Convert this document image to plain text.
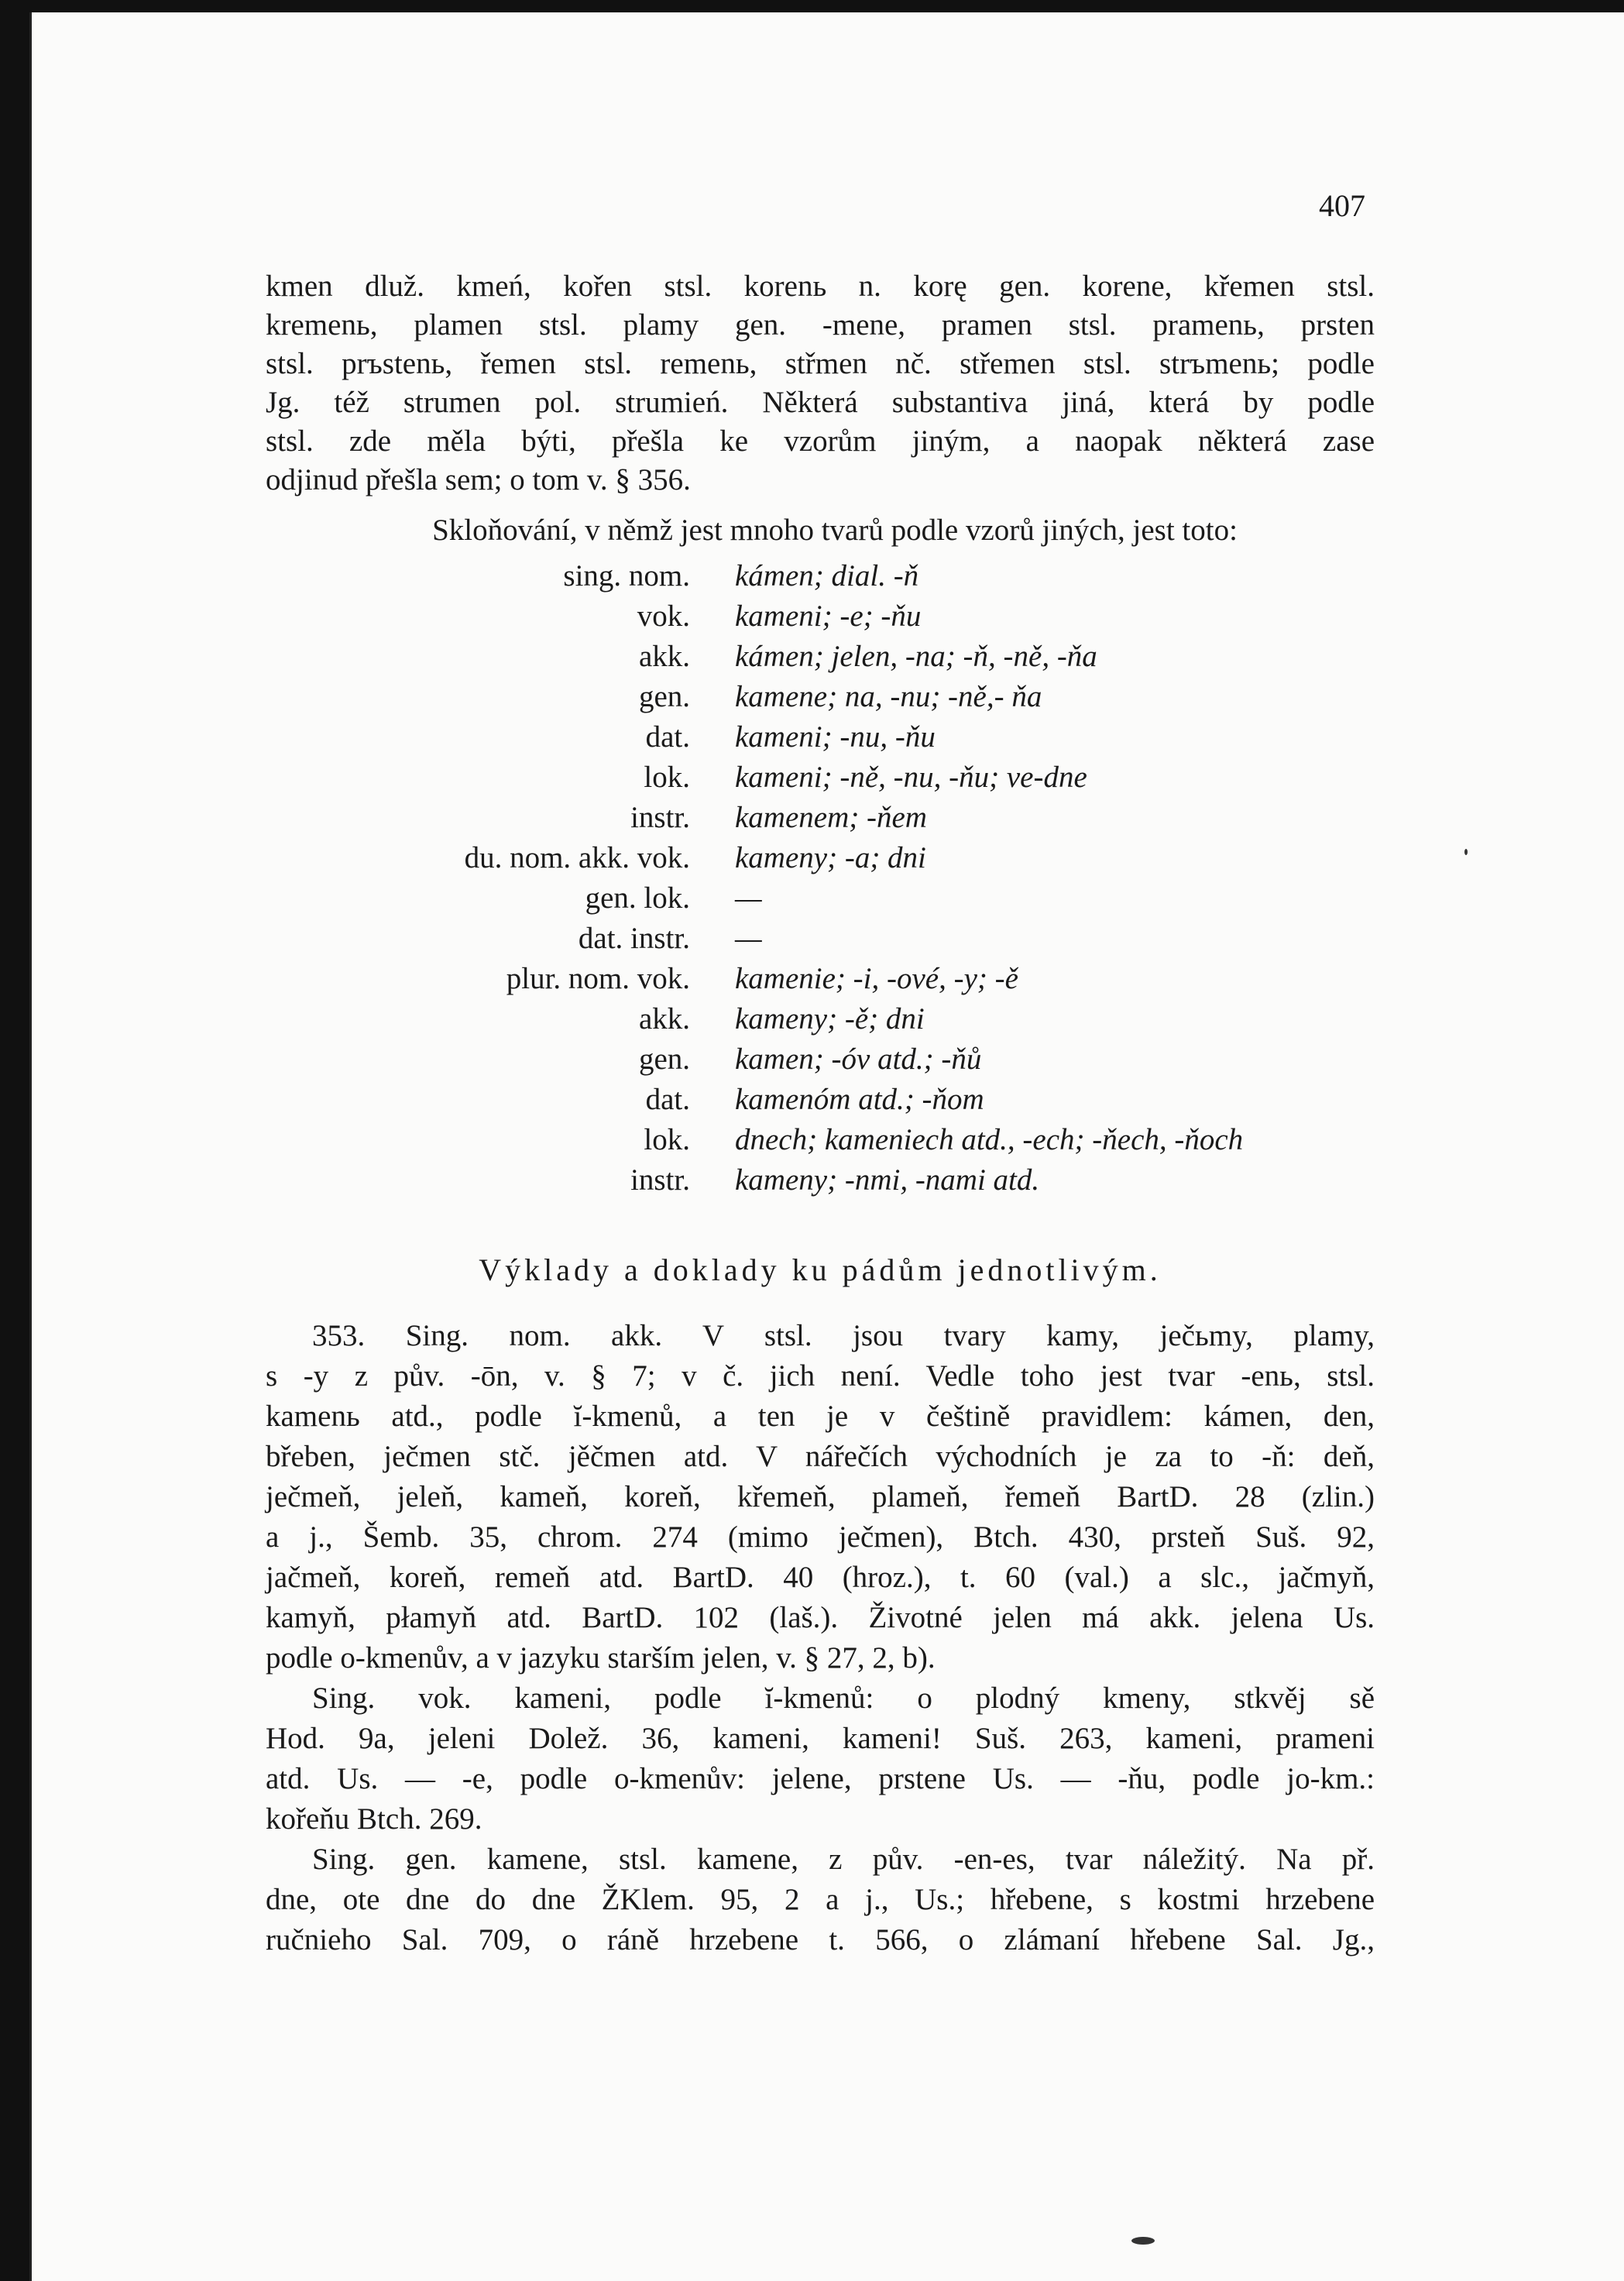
407
kmen dluž. kmeń, kořen stsl. korenь n. korę gen. korene, křemen stsl.
kremenь, plamen stsl. plamy gen. -mene, pramen stsl. pramenь, prsten
stsl. prъstenь, řemen stsl. remenь, střmen nč. střemen stsl. strъmenь; podle
Jg. též strumen pol. strumień. Některá substantiva jiná, která by podle
stsl. zde měla býti, přešla ke vzorům jiným, a naopak některá zase
odjinud přešla sem; o tom v. § 356.
Skloňování, v němž jest mnoho tvarů podle vzorů jiných, jest toto:
sing. nom. kámen; dial. -ň
vok. kameni; -e; -ňu
akk. kámen; jelen, -na; -ň, -ně, -ňa
gen. kamene; na, -nu; -ně,- ňa
dat. kameni; -nu, -ňu
lok. kameni; -ně, -nu, -ňu; ve-dne
instr. kamenem; -ňem
du. nom. akk. vok. kameny; -a; dni
gen. lok. —
dat. instr. —
plur. nom. vok. kamenie; -i, -ové, -y; -ě
akk. kameny; -ě; dni
gen. kamen; -óv atd.; -ňů
dat. kamenóm atd.; -ňom
lok. dnech; kameniech atd., -ech; -ňech, -ňoch
instr. kameny; -nmi, -nami atd.
Výklady a doklady ku pádům jednotlivým.
353. Sing. nom. akk. V stsl. jsou tvary kamy, ječьmy, plamy,
s -y z pův. -ōn, v. § 7; v č. jich není. Vedle toho jest tvar -enь, stsl.
kamenь atd., podle ĭ-kmenů, a ten je v češtině pravidlem: kámen, den,
břeben, ječmen stč. jěčmen atd. V nářečích východních je za to -ň: deň,
ječmeň, jeleň, kameň, koreň, křemeň, plameň, řemeň BartD. 28 (zlin.)
a j., Šemb. 35, chrom. 274 (mimo ječmen), Btch. 430, prsteň Suš. 92,
jačmeň, koreň, remeň atd. BartD. 40 (hroz.), t. 60 (val.) a slc., jačmyň,
kamyň, płamyň atd. BartD. 102 (laš.). Životné jelen má akk. jelena Us.
podle o-kmenův, a v jazyku starším jelen, v. § 27, 2, b).
Sing. vok. kameni, podle ĭ-kmenů: o plodný kmeny, stkvěj sě
Hod. 9a, jeleni Dolež. 36, kameni, kameni! Suš. 263, kameni, prameni
atd. Us. — -e, podle o-kmenův: jelene, prstene Us. — -ňu, podle jo-km.:
kořeňu Btch. 269.
Sing. gen. kamene, stsl. kamene, z pův. -en-es, tvar náležitý. Na př.
dne, ote dne do dne ŽKlem. 95, 2 a j., Us.; hřebene, s kostmi hrzebene
ručnieho Sal. 709, o ráně hrzebene t. 566, o zlámaní hřebene Sal. Jg.,
